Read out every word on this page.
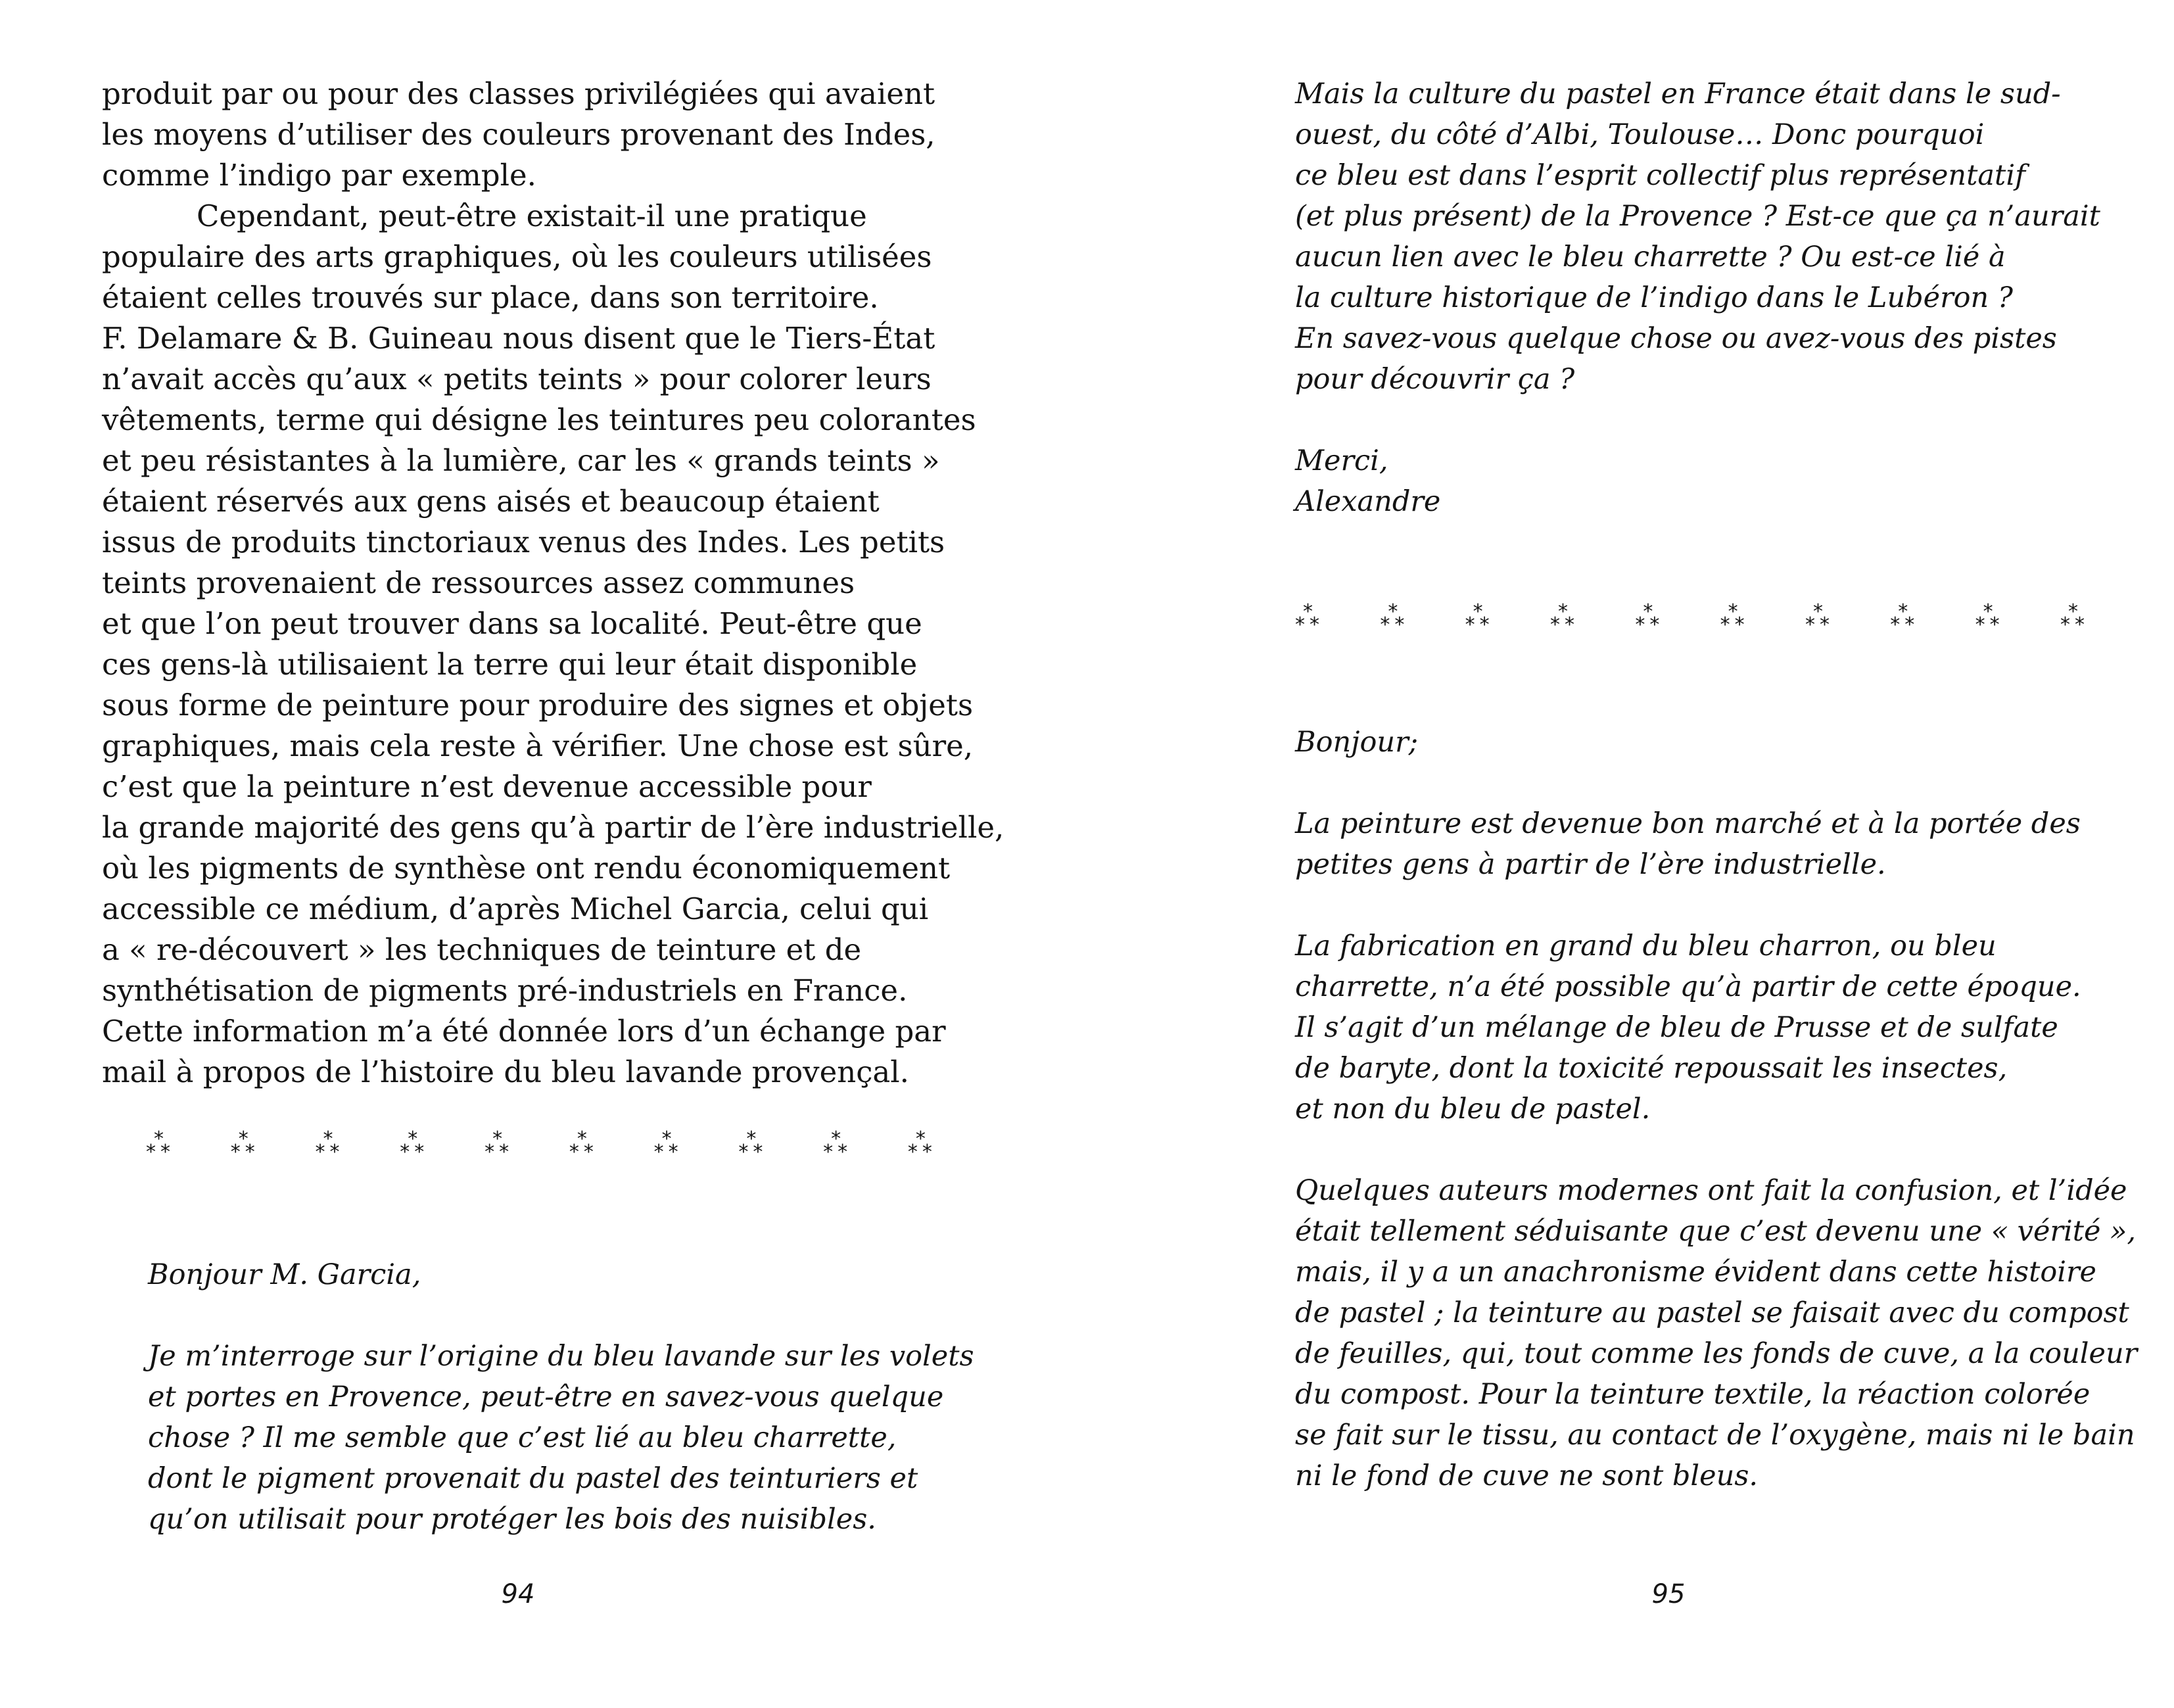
produit par ou pour des classes privilégiées qui avaient
les moyens d’utiliser des couleurs provenant des Indes,
comme l’indigo par exemple.
Cependant, peut-être existait-il une pratique
populaire des arts graphiques, où les couleurs utilisées
étaient celles trouvés sur place, dans son territoire.
F. Delamare & B. Guineau nous disent que le Tiers-État
n’avait accès qu’aux « petits teints » pour colorer leurs
vêtements, terme qui désigne les teintures peu colorantes
et peu résistantes à la lumière, car les « grands teints »
étaient réservés aux gens aisés et beaucoup étaient
issus de produits tinctoriaux venus des Indes. Les petits
teints provenaient de ressources assez communes
et que l’on peut trouver dans sa localité. Peut-être que
ces gens-là utilisaient la terre qui leur était disponible
sous forme de peinture pour produire des signes et objets
graphiques, mais cela reste à vérifier. Une chose est sûre,
c’est que la peinture n’est devenue accessible pour
la grande majorité des gens qu’à partir de l’ère industrielle,
où les pigments de synthèse ont rendu économiquement
accessible ce médium, d’après Michel Garcia, celui qui
a « re-découvert » les techniques de teinture et de
synthétisation de pigments pré-industriels en France.
Cette information m’a été donnée lors d’un échange par
mail à propos de l’histoire du bleu lavande provençal.
*
* *
*
* *
*
* *
*
* *
*
* *
*
* *
*
* *
*
* *
*
* *
*
* *
Bonjour M. Garcia,
Je m’interroge sur l’origine du bleu lavande sur les volets
et portes en Provence, peut-être en savez-vous quelque
chose ? Il me semble que c’est lié au bleu charrette,
dont le pigment provenait du pastel des teinturiers et
qu’on utilisait pour protéger les bois des nuisibles.
94
Mais la culture du pastel en France était dans le sud-
ouest, du côté d’Albi, Toulouse… Donc pourquoi
ce bleu est dans l’esprit collectif plus représentatif
(et plus présent) de la Provence ? Est-ce que ça n’aurait
aucun lien avec le bleu charrette ? Ou est-ce lié à
la culture historique de l’indigo dans le Lubéron ?
En savez-vous quelque chose ou avez-vous des pistes
pour découvrir ça ?
Merci,
Alexandre
*
* *
*
* *
*
* *
*
* *
*
* *
*
* *
*
* *
*
* *
*
* *
*
* *
Bonjour;
La peinture est devenue bon marché et à la portée des
petites gens à partir de l’ère industrielle.
La fabrication en grand du bleu charron, ou bleu
charrette, n’a été possible qu’à partir de cette époque.
Il s’agit d’un mélange de bleu de Prusse et de sulfate
de baryte, dont la toxicité repoussait les insectes,
et non du bleu de pastel.
Quelques auteurs modernes ont fait la confusion, et l’idée
était tellement séduisante que c’est devenu une « vérité »,
mais, il y a un anachronisme évident dans cette histoire
de pastel ; la teinture au pastel se faisait avec du compost
de feuilles, qui, tout comme les fonds de cuve, a la couleur
du compost. Pour la teinture textile, la réaction colorée
se fait sur le tissu, au contact de l’oxygène, mais ni le bain
ni le fond de cuve ne sont bleus.
95
